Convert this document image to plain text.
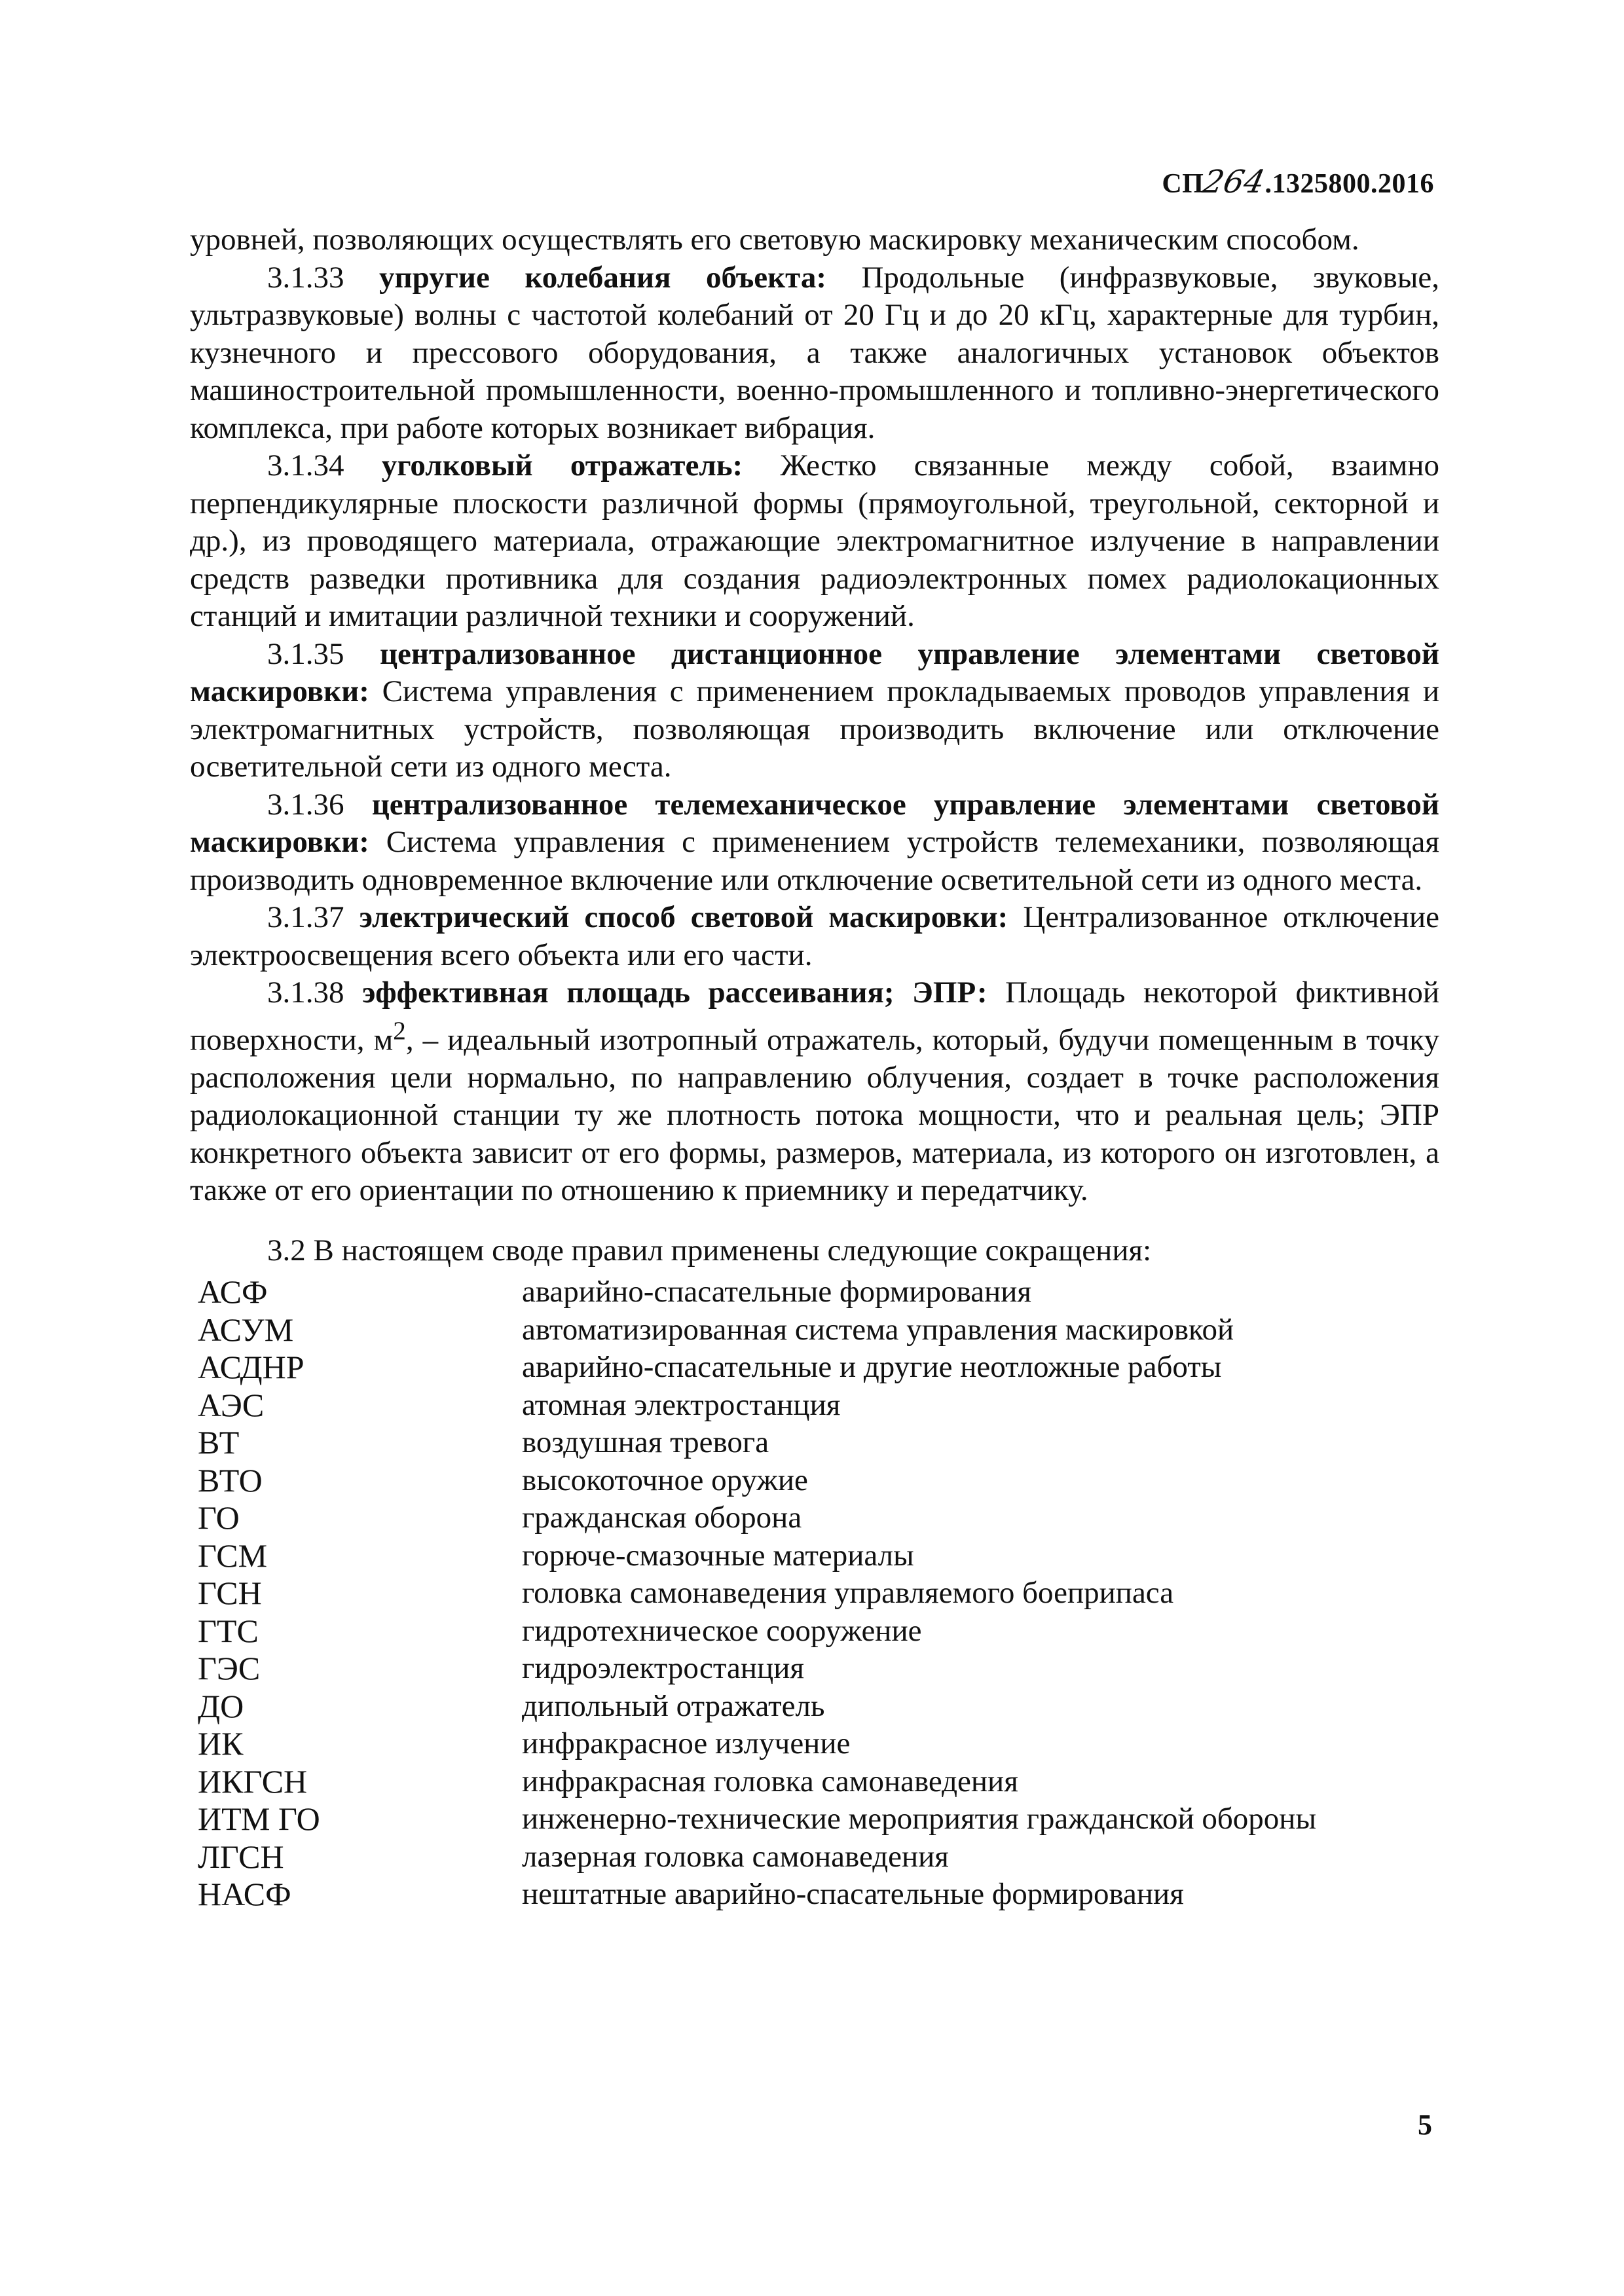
СП264.1325800.2016

уровней, позволяющих осуществлять его световую маскировку механическим способом.

3.1.33 упругие колебания объекта: Продольные (инфразвуковые, звуковые, ультразвуковые) волны с частотой колебаний от 20 Гц и до 20 кГц, характерные для турбин, кузнечного и прессового оборудования, а также аналогичных установок объектов машиностроительной промышленности, военно-промышленного и топливно-энергетического комплекса, при работе которых возникает вибрация.

3.1.34 уголковый отражатель: Жестко связанные между собой, взаимно перпендикулярные плоскости различной формы (прямоугольной, треугольной, секторной и др.), из проводящего материала, отражающие электромагнитное излучение в направлении средств разведки противника для создания радиоэлектронных помех радиолокационных станций и имитации различной техники и сооружений.

3.1.35 централизованное дистанционное управление элементами световой маскировки: Система управления с применением прокладываемых проводов управления и электромагнитных устройств, позволяющая производить включение или отключение осветительной сети из одного места.

3.1.36 централизованное телемеханическое управление элементами световой маскировки: Система управления с применением устройств телемеханики, позволяющая производить одновременное включение или отключение осветительной сети из одного места.

3.1.37 электрический способ световой маскировки: Централизованное отключение электроосвещения всего объекта или его части.

3.1.38 эффективная площадь рассеивания; ЭПР: Площадь некоторой фиктивной поверхности, $м^2$, – идеальный изотропный отражатель, который, будучи помещенным в точку расположения цели нормально, по направлению облучения, создает в точке расположения радиолокационной станции ту же плотность потока мощности, что и реальная цель; ЭПР конкретного объекта зависит от его формы, размеров, материала, из которого он изготовлен, а также от его ориентации по отношению к приемнику и передатчику.

3.2 В настоящем своде правил применены следующие сокращения:

АСФ	аварийно-спасательные формирования
АСУМ	автоматизированная система управления маскировкой
АСДНР	аварийно-спасательные и другие неотложные работы
АЭС	атомная электростанция
ВТ	воздушная тревога
ВТО	высокоточное оружие
ГО	гражданская оборона
ГСМ	горюче-смазочные материалы
ГСН	головка самонаведения управляемого боеприпаса
ГТС	гидротехническое сооружение
ГЭС	гидроэлектростанция
ДО	дипольный отражатель
ИК	инфракрасное излучение
ИКГСН	инфракрасная головка самонаведения
ИТМ ГО	инженерно-технические мероприятия гражданской обороны
ЛГСН	лазерная головка самонаведения
НАСФ	нештатные аварийно-спасательные формирования
5
